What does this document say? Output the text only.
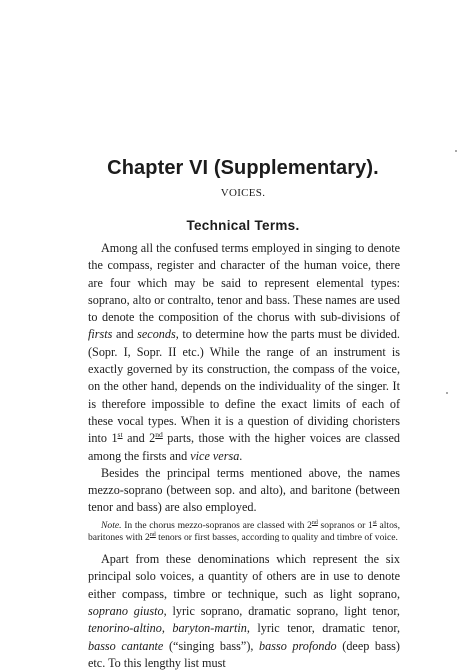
Chapter VI (Supplementary).
VOICES.
Technical Terms.

Among all the confused terms employed in singing to denote the compass, register and character of the human voice, there are four which may be said to represent elemental types: soprano, alto or contralto, tenor and bass. These names are used to denote the composition of the chorus with sub-divisions of firsts and seconds, to determine how the parts must be divided. (Sopr. I, Sopr. II etc.) While the range of an instrument is exactly governed by its construction, the compass of the voice, on the other hand, depends on the individuality of the singer. It is therefore impossible to define the exact limits of each of these vocal types. When it is a question of dividing choristers into 1st and 2nd parts, those with the higher voices are classed among the firsts and vice versa.

Besides the principal terms mentioned above, the names mezzo-soprano (between sop. and alto), and baritone (between tenor and bass) are also employed.

Note. In the chorus mezzo-sopranos are classed with 2nd sopranos or 1st altos, baritones with 2nd tenors or first basses, according to quality and timbre of voice.

Apart from these denominations which represent the six principal solo voices, a quantity of others are in use to denote either compass, timbre or technique, such as light soprano, soprano giusto, lyric soprano, dramatic soprano, light tenor, tenorino-altino, baryton-martin, lyric tenor, dramatic tenor, basso cantante (“singing bass”), basso profondo (deep bass) etc. To this lengthy list must
